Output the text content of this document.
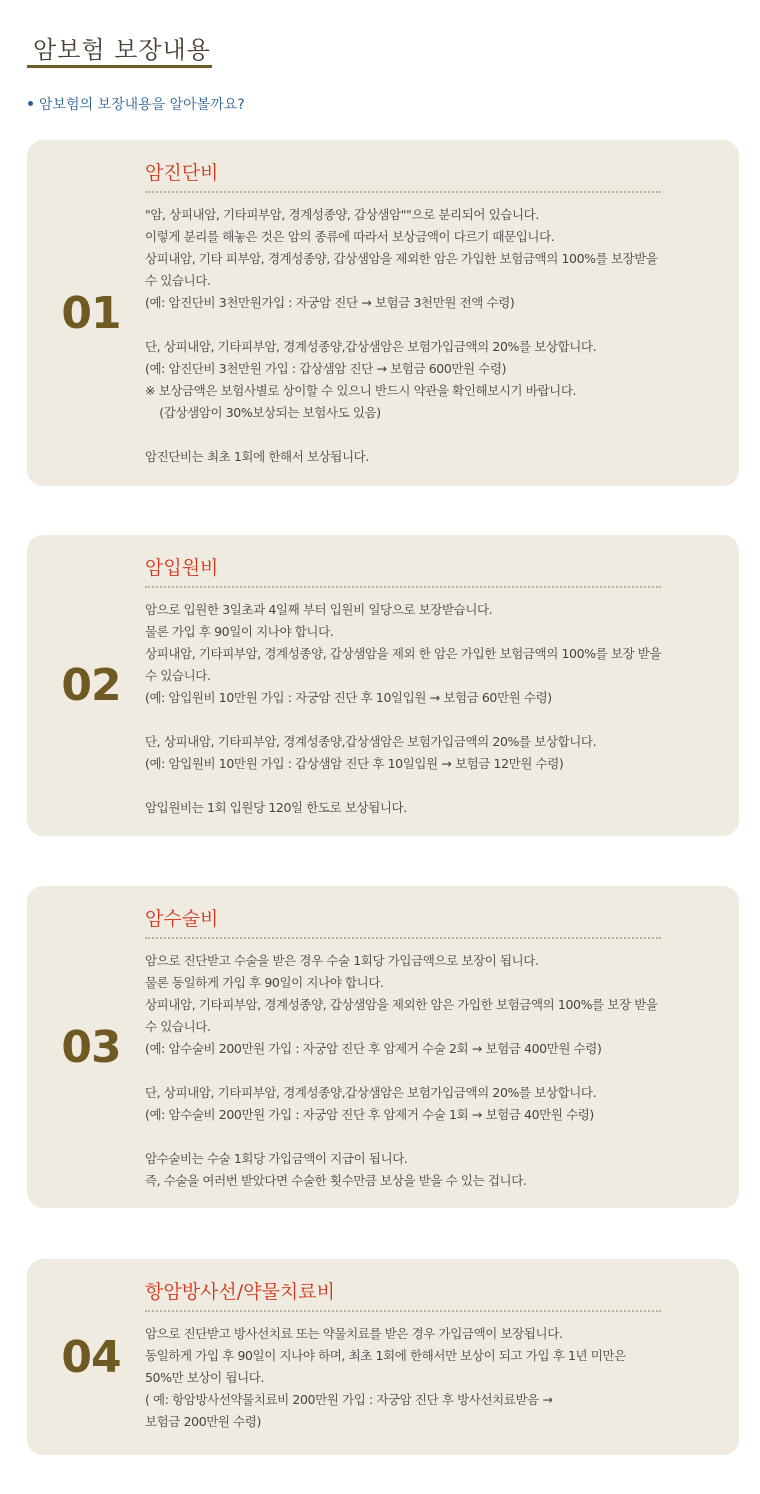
암보험 보장내용
암보험의 보장내용을 알아볼까요?
01
암진단비
"암, 상피내암, 기타피부암, 경계성종양, 갑상샘암""으로 분리되어 있습니다.
이렇게 분리를 해놓은 것은 암의 종류에 따라서 보상금액이 다르기 때문입니다.
상피내암, 기타 피부암, 경계성종양, 갑상샘암을 제외한 암은 가입한 보험금액의 100%를 보장받을
수 있습니다.
(예: 암진단비 3천만원가입 : 자궁암 진단 → 보험금 3천만원 전액 수령)
단, 상피내암, 기타피부암, 경계성종양,갑상샘암은 보험가입금액의 20%를 보상합니다.
(예: 암진단비 3천만원 가입 : 갑상샘암 진단 → 보험금 600만원 수령)
※ 보상금액은 보험사별로 상이할 수 있으니 반드시 약관을 확인해보시기 바랍니다.
(갑상샘암이 30%보상되는 보험사도 있음)
암진단비는 최초 1회에 한해서 보상됩니다.
02
암입원비
암으로 입원한 3일초과 4일째 부터 입원비 일당으로 보장받습니다.
물론 가입 후 90일이 지나야 합니다.
상피내암, 기타피부암, 경계성종양, 갑상샘암을 제외 한 암은 가입한 보험금액의 100%를 보장 받을
수 있습니다.
(예: 암입원비 10만원 가입 : 자궁암 진단 후 10일입원 → 보험금 60만원 수령)
단, 상피내암, 기타피부암, 경계성종양,갑상샘암은 보험가입금액의 20%를 보상합니다.
(예: 암입원비 10만원 가입 : 갑상샘암 진단 후 10일입원 → 보험금 12만원 수령)
암입원비는 1회 입원당 120일 한도로 보상됩니다.
03
암수술비
암으로 진단받고 수술을 받은 경우 수술 1회당 가입금액으로 보장이 됩니다.
물론 동일하게 가입 후 90일이 지나야 합니다.
상피내암, 기타피부암, 경계성종양, 갑상샘암을 제외한 암은 가입한 보험금액의 100%를 보장 받을
수 있습니다.
(예: 암수술비 200만원 가입 : 자궁암 진단 후 암제거 수술 2회 → 보험금 400만원 수령)
단, 상피내암, 기타피부암, 경계성종양,갑상샘암은 보험가입금액의 20%를 보상합니다.
(예: 암수술비 200만원 가입 : 자궁암 진단 후 암제거 수술 1회 → 보험금 40만원 수령)
암수술비는 수술 1회당 가입금액이 지급이 됩니다.
즉, 수술을 여러번 받았다면 수술한 횟수만큼 보상을 받을 수 있는 겁니다.
04
항암방사선/약물치료비
암으로 진단받고 방사선치료 또는 약물치료를 받은 경우 가입금액이 보장됩니다.
동일하게 가입 후 90일이 지나야 하며, 최초 1회에 한해서만 보상이 되고 가입 후 1년 미만은
50%만 보상이 됩니다.
( 예: 항암방사선약물치료비 200만원 가입 : 자궁암 진단 후 방사선치료받음 →
보험금 200만원 수령)
